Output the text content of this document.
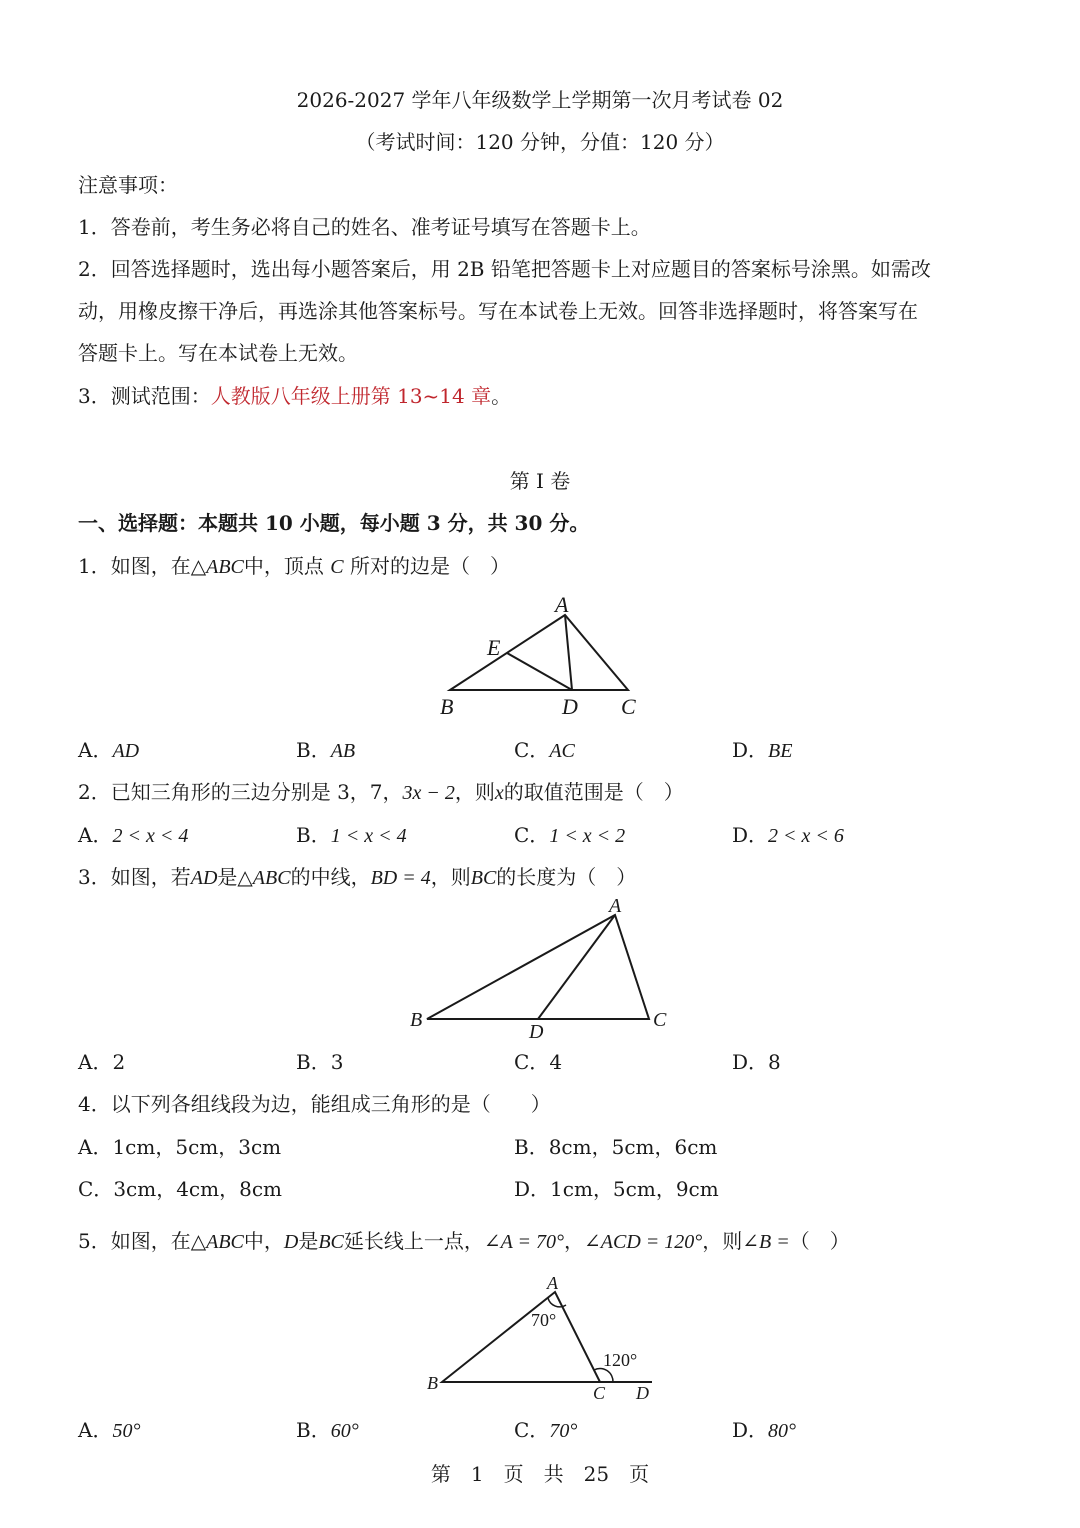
2026-2027 学年八年级数学上学期第一次月考试卷 02
（考试时间：120 分钟，分值：120 分）
注意事项：
1．答卷前，考生务必将自己的姓名、准考证号填写在答题卡上。
2．回答选择题时，选出每小题答案后，用 2B 铅笔把答题卡上对应题目的答案标号涂黑。如需改
动，用橡皮擦干净后，再选涂其他答案标号。写在本试卷上无效。回答非选择题时，将答案写在
答题卡上。写在本试卷上无效。
3．测试范围：人教版八年级上册第 13~14 章。
第 I 卷
一、选择题：本题共 10 小题，每小题 3 分，共 30 分。
1．如图，在△ABC中，顶点 C 所对的边是（　）
A
E
B	D C
A．AD	B．AB	C．AC	D．BE
2．已知三角形的三边分别是 3，7，3x − 2，则x的取值范围是（　）
A．2 < x < 4	B．1 < x < 4	C．1 < x < 2	D．2 < x < 6
3．如图，若AD是△ABC的中线，BD = 4，则BC的长度为（　）
A
B
D
C
A．2	B．3	C．4	D．8
4．以下列各组线段为边，能组成三角形的是（　　）
A．1cm，5cm，3cm	B．8cm，5cm，6cm
C．3cm，4cm，8cm	D．1cm，5cm，9cm
5．如图，在△ABC中，D是BC延长线上一点，∠A = 70°，∠ACD = 120°，则∠B =（　）
A
70°
120°
B	C D
A．50°	B．60°	C．70°	D．80°
第　1　页　共　25　页
